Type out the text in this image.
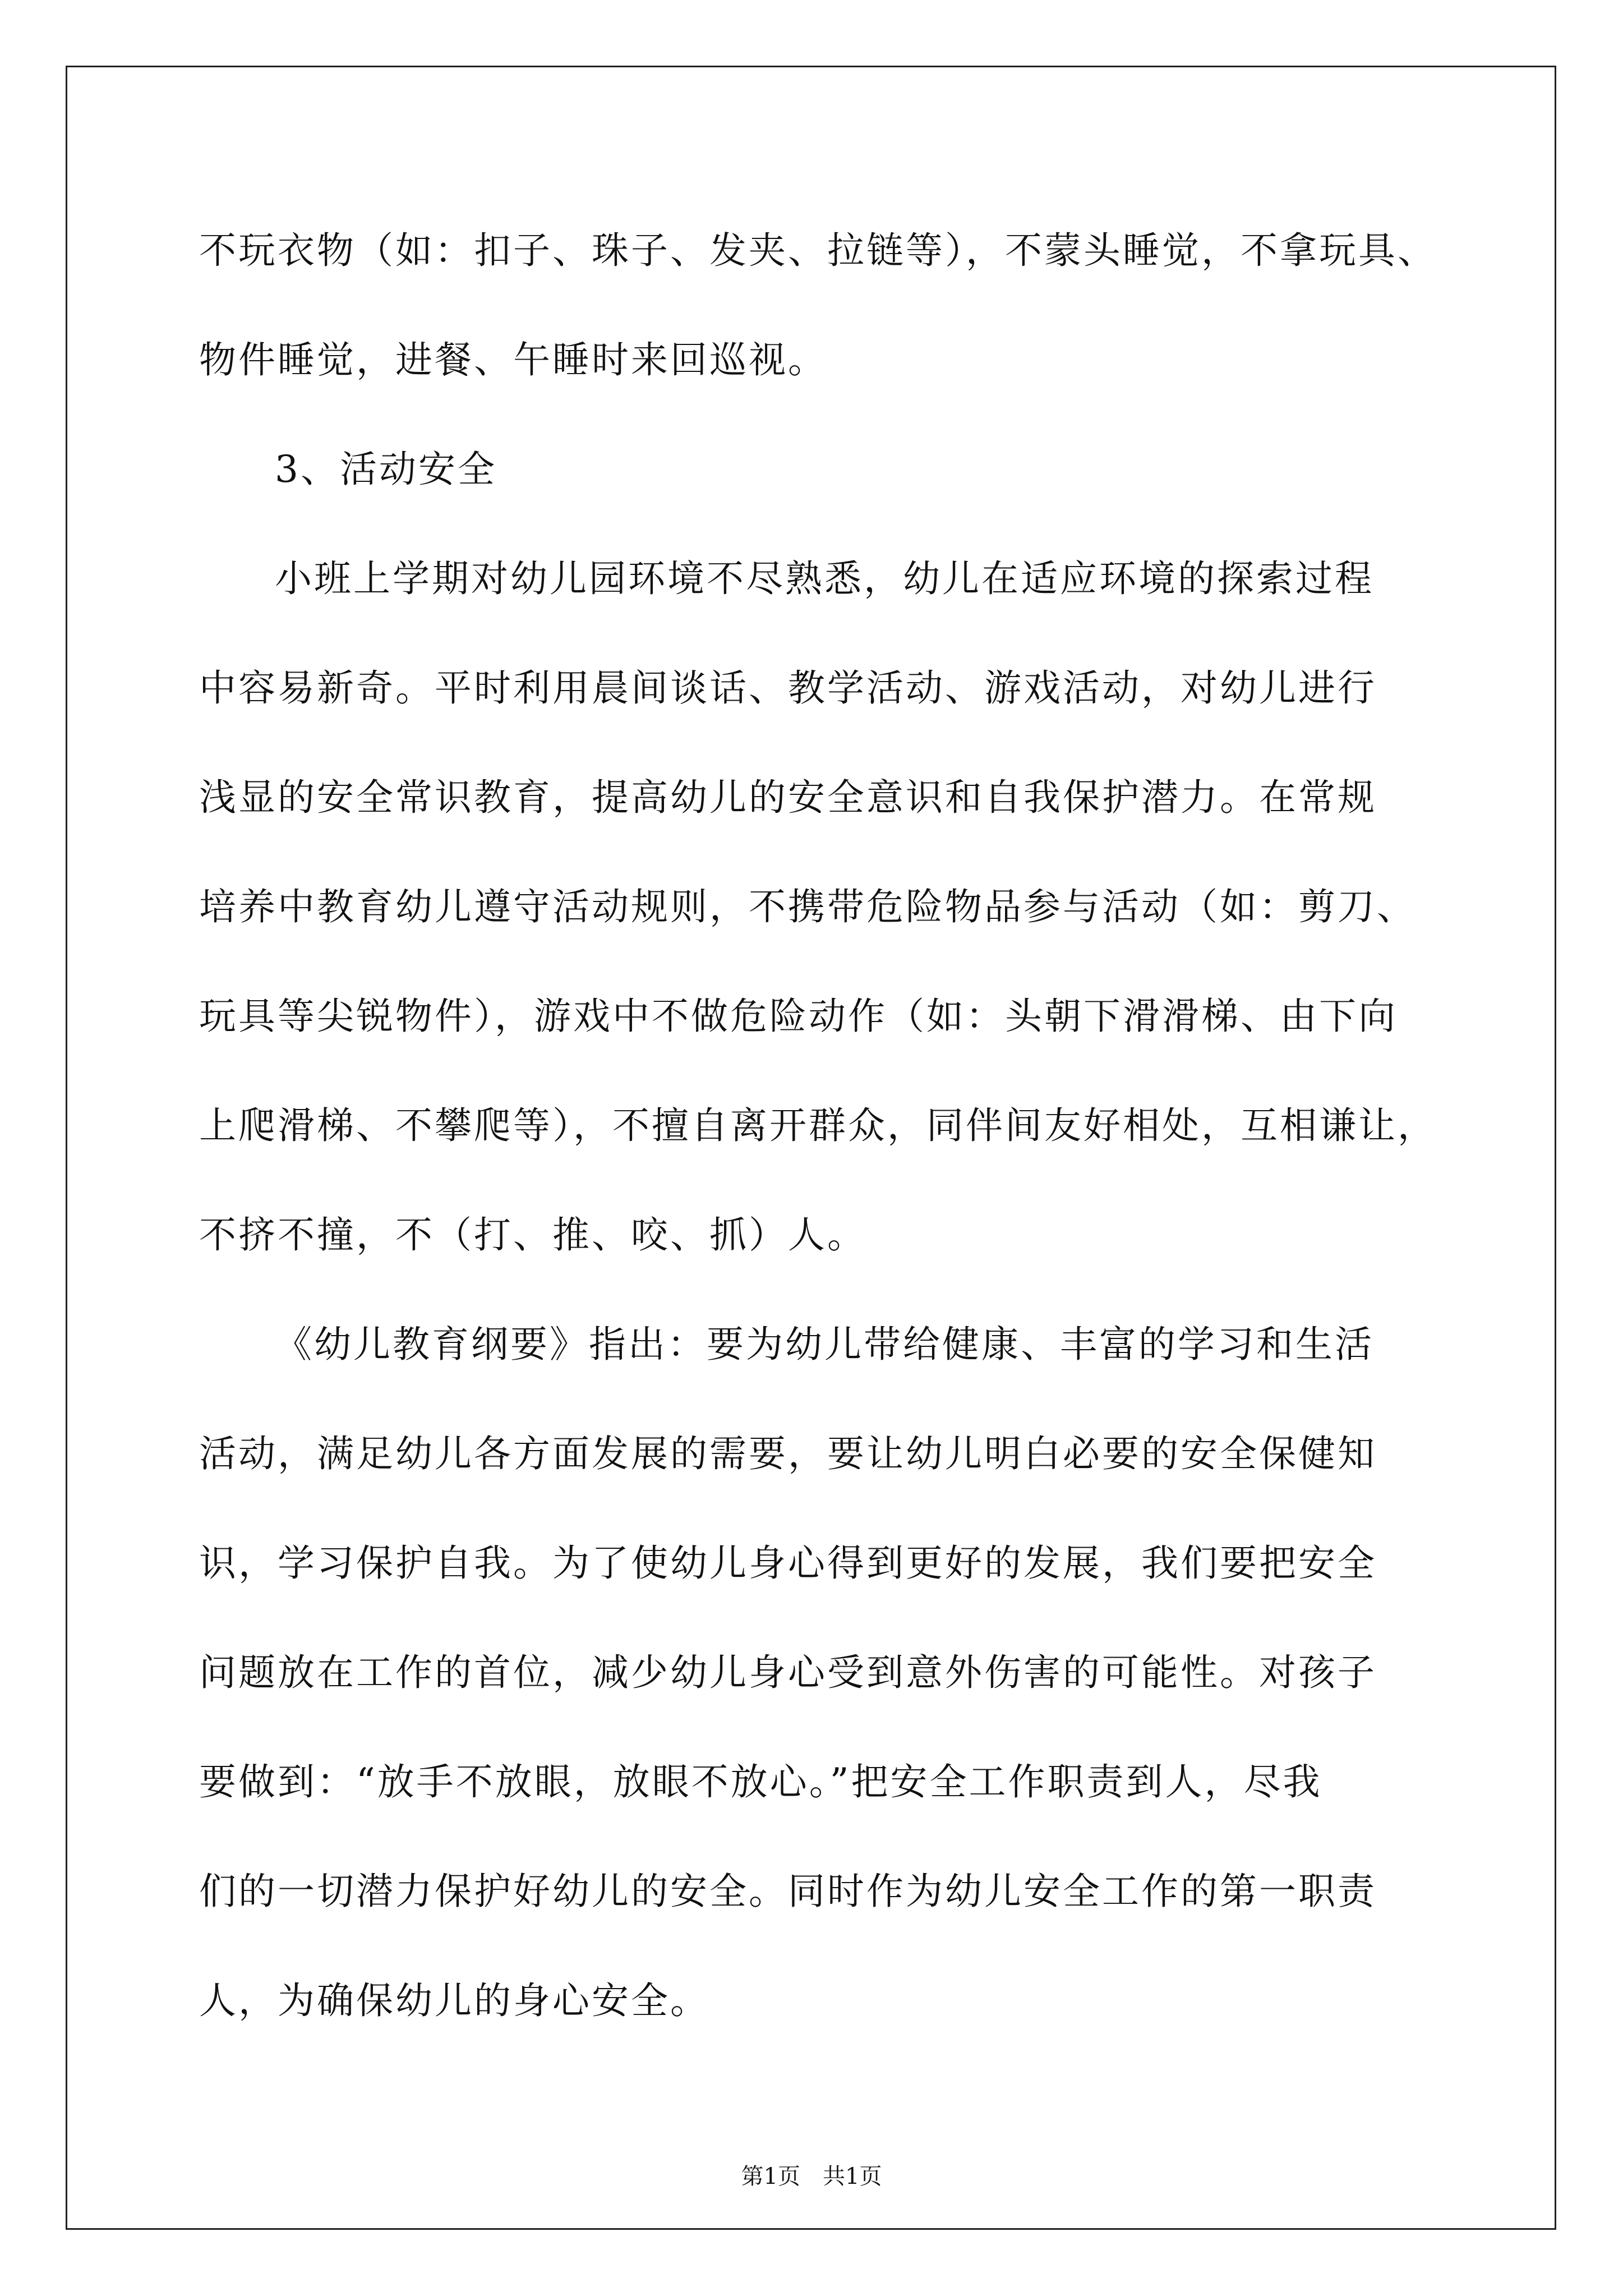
不玩衣物（如：扣子、珠子、发夹、拉链等），不蒙头睡觉，不拿玩具、
物件睡觉，进餐、午睡时来回巡视。
3、活动安全
小班上学期对幼儿园环境不尽熟悉，幼儿在适应环境的探索过程
中容易新奇。平时利用晨间谈话、教学活动、游戏活动，对幼儿进行
浅显的安全常识教育，提高幼儿的安全意识和自我保护潜力。在常规
培养中教育幼儿遵守活动规则，不携带危险物品参与活动（如：剪刀、
玩具等尖锐物件），游戏中不做危险动作（如：头朝下滑滑梯、由下向
上爬滑梯、不攀爬等），不擅自离开群众，同伴间友好相处，互相谦让，
不挤不撞，不（打、推、咬、抓）人。
《幼儿教育纲要》指出：要为幼儿带给健康、丰富的学习和生活
活动，满足幼儿各方面发展的需要，要让幼儿明白必要的安全保健知
识，学习保护自我。为了使幼儿身心得到更好的发展，我们要把安全
问题放在工作的首位，减少幼儿身心受到意外伤害的可能性。对孩子
要做到：“放手不放眼，放眼不放心。”把安全工作职责到人，尽我
们的一切潜力保护好幼儿的安全。同时作为幼儿安全工作的第一职责
人，为确保幼儿的身心安全。
第1页　共1页
